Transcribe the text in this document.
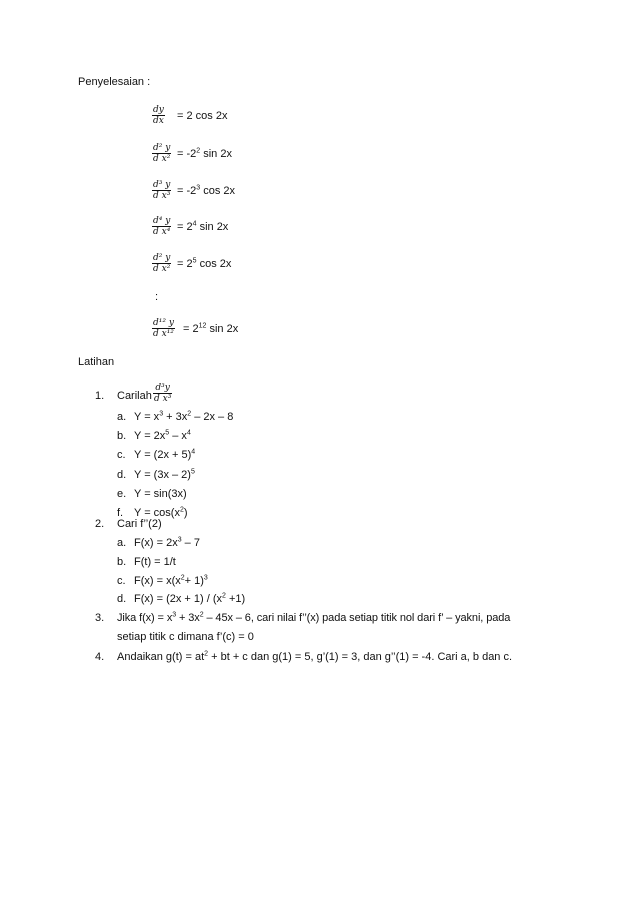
Penyelesaian :
$\frac{dy}{dx} = 2$ cos 2x
$\frac{\text{d² y}}{\text{d x²}} = -2^2$ sin 2x
$\frac{\text{d³ y}}{\text{d x³}} = -2^3$ cos 2x
$\frac{\text{d⁴ y}}{\text{d x⁴}} = 2^4$ sin 2x
$\frac{\text{d² y}}{\text{d x²}} = 2^5$ cos 2x
$\frac{\text{d¹² y}}{\text{d x¹²}} = 2^{12}$ sin 2x
:
Latihan
1. Carilah $\frac{\text{d³y}}{\text{d x³}}$
a. $Y = x^3 + 3x^2 - 2x - 8$
b. $Y = 2x^5 - x^4$
c. $Y = (2x + 5)^4$
d. Y = (3x – 2)$^5$
e. Y = sin(3x)
f. $Y = \cos(x^2)$
2. Cari f’’(2)
a. $F(x) = 2x^3 - 7$
b. F(t) = 1/t
c. $F(x) = x(x^2+ 1)^3$
d. $F(x) = (2x + 1) / (x^2 +1)$
3. Jika $f(x) = x^3 + 3x^2 - 45x - 6$, cari nilai f’’(x) pada setiap titik nol dari f’ – yakni, pada
setiap titik c dimana f’(c) = 0
4. Andaikan $g(t) = at^2$ + bt + c dan g(1) = 5, g’(1) = 3, dan g’’(1) = -4. Cari a, b dan c.
